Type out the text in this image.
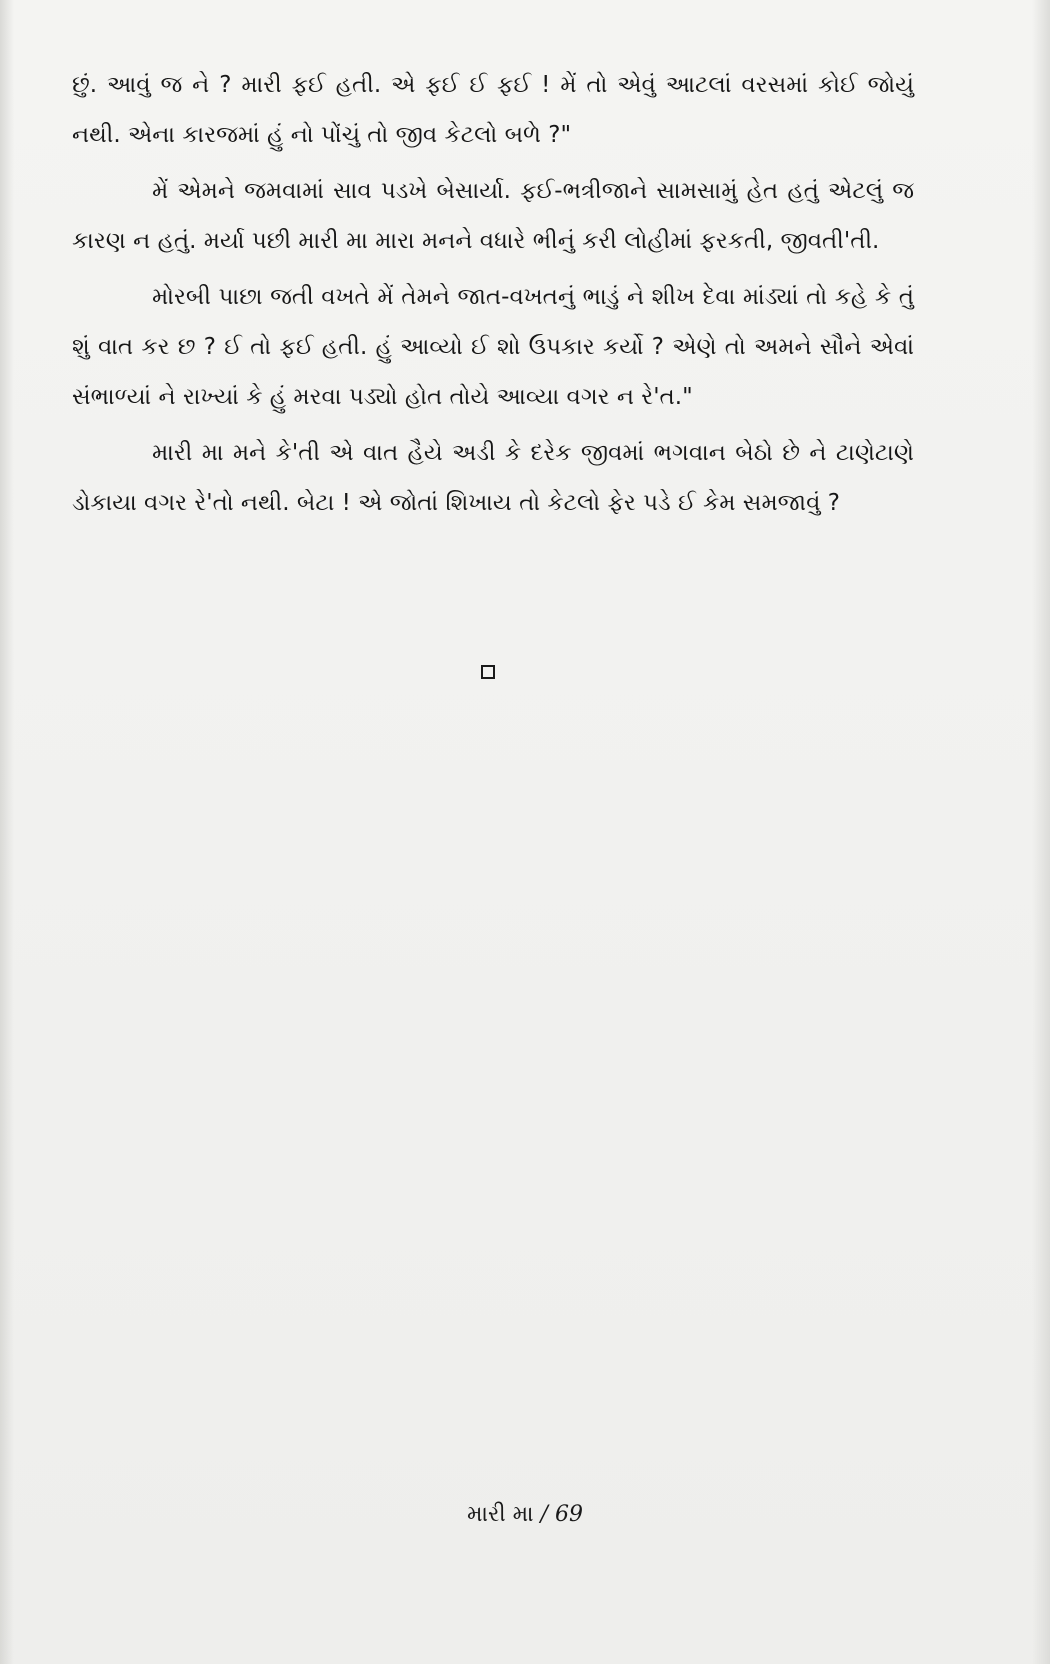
છું. આવું જ ને ? મારી ફઈ હતી. એ ફઈ ઈ ફઈ ! મેં તો એવું આટલાં વરસમાં કોઈ જોયું નથી. એના કારજમાં હું નો પોંચું તો જીવ કેટલો બળે ?"

મેં એમને જમવામાં સાવ પડખે બેસાર્યા. ફઈ-ભત્રીજાને સામસામું હેત હતું એટલું જ કારણ ન હતું. મર્યા પછી મારી મા મારા મનને વધારે ભીનું કરી લોહીમાં ફરકતી, જીવતી'તી.

મોરબી પાછા જતી વખતે મેં તેમને જાત-વખતનું ભાડું ને શીખ દેવા માંડ્યાં તો કહે કે તું શું વાત કર છ ? ઈ તો ફઈ હતી. હું આવ્યો ઈ શો ઉપકાર કર્યો ? એણે તો અમને સૌને એવાં સંભાળ્યાં ને રાખ્યાં કે હું મરવા પડ્યો હોત તોયે આવ્યા વગર ન રે'ત."

મારી મા મને કે'તી એ વાત હૈયે અડી કે દરેક જીવમાં ભગવાન બેઠો છે ને ટાણેટાણે ડોકાયા વગર રે'તો નથી. બેટા ! એ જોતાં શિખાય તો કેટલો ફેર પડે ઈ કેમ સમજાવું ?

મારી મા / 69
